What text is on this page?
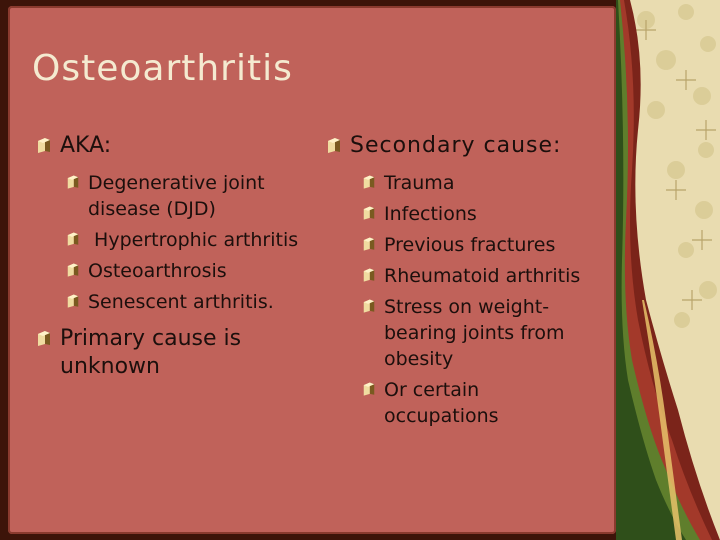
Osteoarthritis
AKA:
Degenerative joint disease (DJD)
Hypertrophic arthritis
Osteoarthrosis
Senescent arthritis.
Primary cause is unknown
Secondary cause:
Trauma
Infections
Previous fractures
Rheumatoid arthritis
Stress on weight-bearing joints from obesity
Or certain occupations
